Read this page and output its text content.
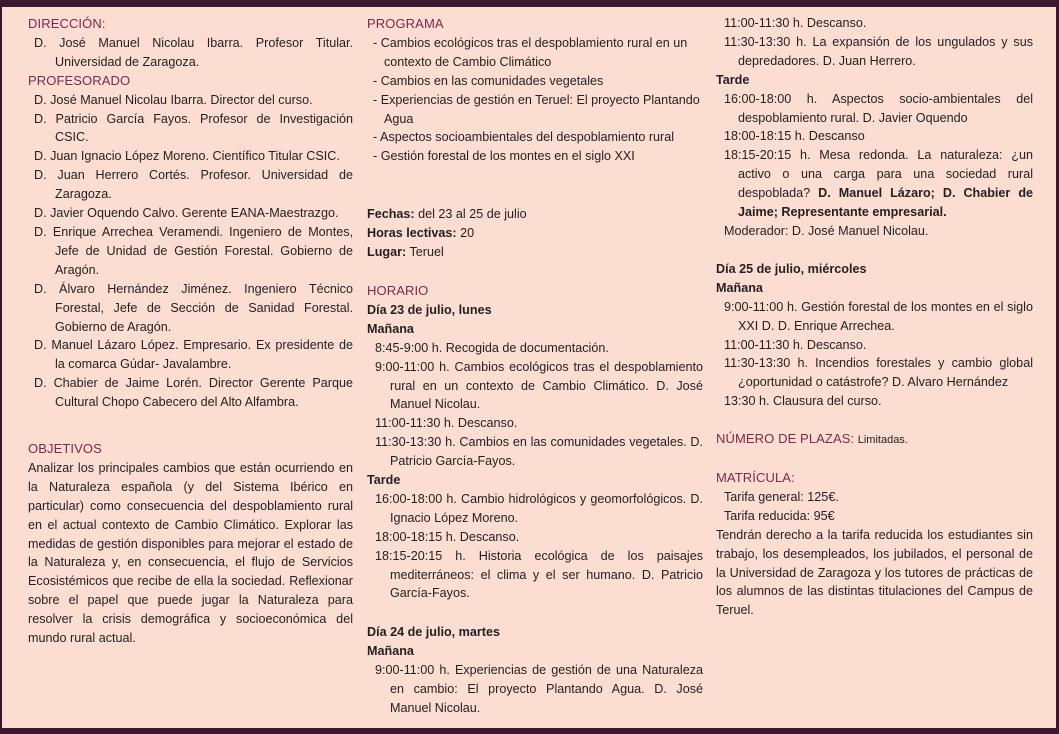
DIRECCIÓN:
D. José Manuel Nicolau Ibarra. Profesor Titular. Universidad de Zaragoza.
PROFESORADO
D. José Manuel Nicolau Ibarra. Director del curso.
D. Patricio García Fayos. Profesor de Investigación CSIC.
D. Juan Ignacio López Moreno. Científico Titular CSIC.
D. Juan Herrero Cortés. Profesor. Universidad de Zaragoza.
D. Javier Oquendo Calvo. Gerente EANA-Maestrazgo.
D. Enrique Arrechea Veramendi. Ingeniero de Montes, Jefe de Unidad de Gestión Forestal. Gobierno de Aragón.
D. Álvaro Hernández Jiménez. Ingeniero Técnico Forestal, Jefe de Sección de Sanidad Forestal. Gobierno de Aragón.
D. Manuel Lázaro López. Empresario. Ex presidente de la comarca Gúdar- Javalambre.
D. Chabier de Jaime Lorén. Director Gerente Parque Cultural Chopo Cabecero del Alto Alfambra.
OBJETIVOS
Analizar los principales cambios que están ocurriendo en la Naturaleza española (y del Sistema Ibérico en particular) como consecuencia del despoblamiento rural en el actual contexto de Cambio Climático. Explorar las medidas de gestión disponibles para mejorar el estado de la Naturaleza y, en consecuencia, el flujo de Servicios Ecosistémicos que recibe de ella la sociedad. Reflexionar sobre el papel que puede jugar la Naturaleza para resolver la crisis demográfica y socioeconómica del mundo rural actual.
PROGRAMA
- Cambios ecológicos tras el despoblamiento rural en un contexto de Cambio Climático
- Cambios en las comunidades vegetales
- Experiencias de gestión en Teruel: El proyecto Plantando Agua
- Aspectos socioambientales del despoblamiento rural
- Gestión forestal de los montes en el siglo XXI
Fechas: del 23 al 25 de julio
Horas lectivas: 20
Lugar: Teruel
HORARIO
Día 23 de julio, lunes
Mañana
8:45-9:00 h. Recogida de documentación.
9:00-11:00 h. Cambios ecológicos tras el despoblamiento rural en un contexto de Cambio Climático. D. José Manuel Nicolau.
11:00-11:30 h. Descanso.
11:30-13:30 h. Cambios en las comunidades vegetales. D. Patricio García-Fayos.
Tarde
16:00-18:00 h. Cambio hidrológicos y geomorfológicos. D. Ignacio López Moreno.
18:00-18:15 h. Descanso.
18:15-20:15 h. Historia ecológica de los paisajes mediterráneos: el clima y el ser humano. D. Patricio García-Fayos.
Día 24 de julio, martes
Mañana
9:00-11:00 h. Experiencias de gestión de una Naturaleza en cambio: El proyecto Plantando Agua. D. José Manuel Nicolau.
11:00-11:30 h. Descanso.
11:30-13:30 h. La expansión de los ungulados y sus depredadores. D. Juan Herrero.
Tarde
16:00-18:00 h. Aspectos socio-ambientales del despoblamiento rural. D. Javier Oquendo
18:00-18:15 h. Descanso
18:15-20:15 h. Mesa redonda. La naturaleza: ¿un activo o una carga para una sociedad rural despoblada? D. Manuel Lázaro; D. Chabier de Jaime; Representante empresarial.
Moderador: D. José Manuel Nicolau.
Día 25 de julio, miércoles
Mañana
9:00-11:00 h. Gestión forestal de los montes en el siglo XXI D. D. Enrique Arrechea.
11:00-11:30 h. Descanso.
11:30-13:30 h. Incendios forestales y cambio global ¿oportunidad o catástrofe? D. Alvaro Hernández
13:30 h. Clausura del curso.
NÚMERO DE PLAZAS: Limitadas.
MATRÍCULA:
Tarifa general: 125€.
Tarifa reducida: 95€
Tendrán derecho a la tarifa reducida los estudiantes sin trabajo, los desempleados, los jubilados, el personal de la Universidad de Zaragoza y los tutores de prácticas de los alumnos de las distintas titulaciones del Campus de Teruel.
